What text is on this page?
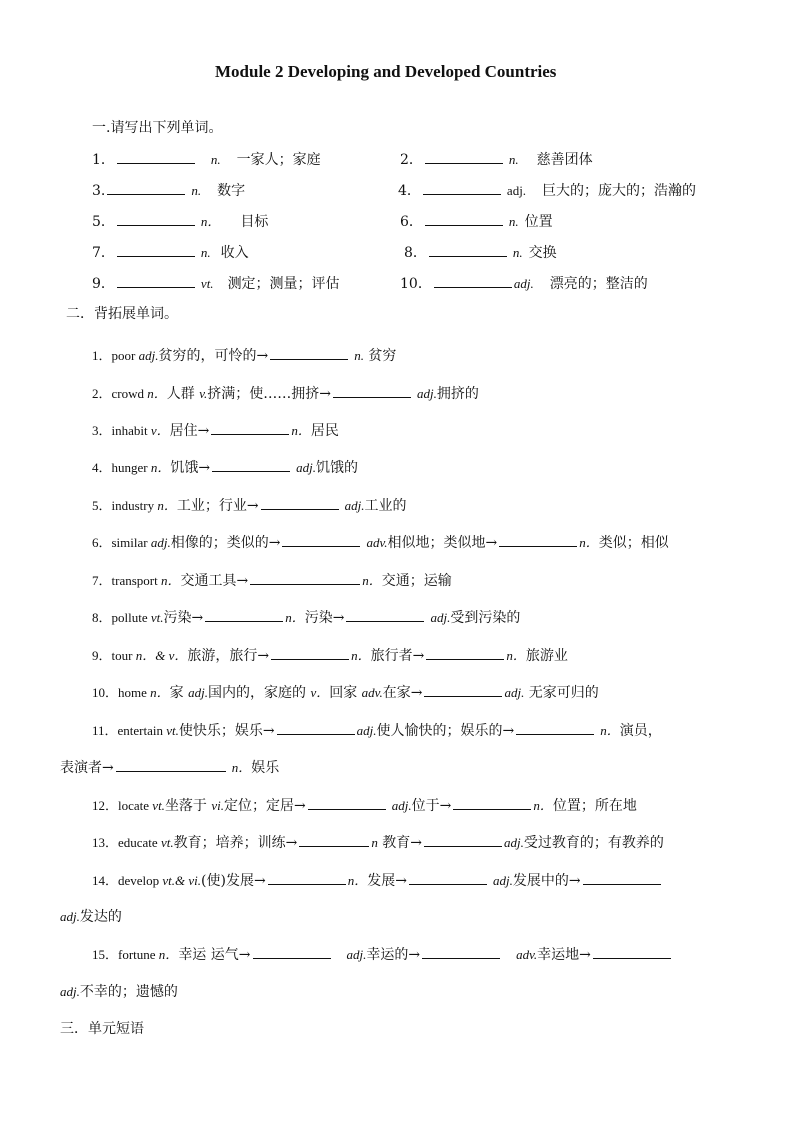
Module 2 Developing and Developed Countries
一.请写出下列单词。
1．	n. 一家人；家庭	2．	n. 慈善团体
3.	n. 数字	4．	adj. 巨大的；庞大的；浩瀚的
5．	n． 目标	6．	n. 位置
7．	n. 收入	8．	n. 交换
9．	vt. 测定；测量；评估	10．	adj. 漂亮的；整洁的
二．背拓展单词。
1．poor adj.贫穷的，可怜的→	n. 贫穷
2．crowd n．人群 v.挤满；使……拥挤→	adj.拥挤的
3．inhabit v．居住→	n．居民
4．hunger n．饥饿→	adj.饥饿的
5．industry n．工业；行业→	adj.工业的
6．similar adj.相像的；类似的→	adv.相似地；类似地→	n．类似；相似
7．transport n．交通工具→	n．交通；运输
8．pollute vt.污染→	n．污染→	adj.受到污染的
9．tour n．& v．旅游，旅行→	n．旅行者→	n．旅游业
10．home n．家 adj.国内的，家庭的 v．回家 adv.在家→	adj. 无家可归的
11．entertain vt.使快乐；娱乐→	adj.使人愉快的；娱乐的→	n．演员，
表演者→	n．娱乐
12．locate vt.坐落于 vi.定位；定居→	adj.位于→	n．位置；所在地
13．educate vt.教育；培养；训练→	n 教育→	adj.受过教育的；有教养的
14．develop vt.& vi.(使)发展→	n．发展→	adj.发展中的→
adj.发达的
15．fortune n．幸运 运气→	adj.幸运的→	adv.幸运地→
adj.不幸的；遗憾的
三．单元短语
